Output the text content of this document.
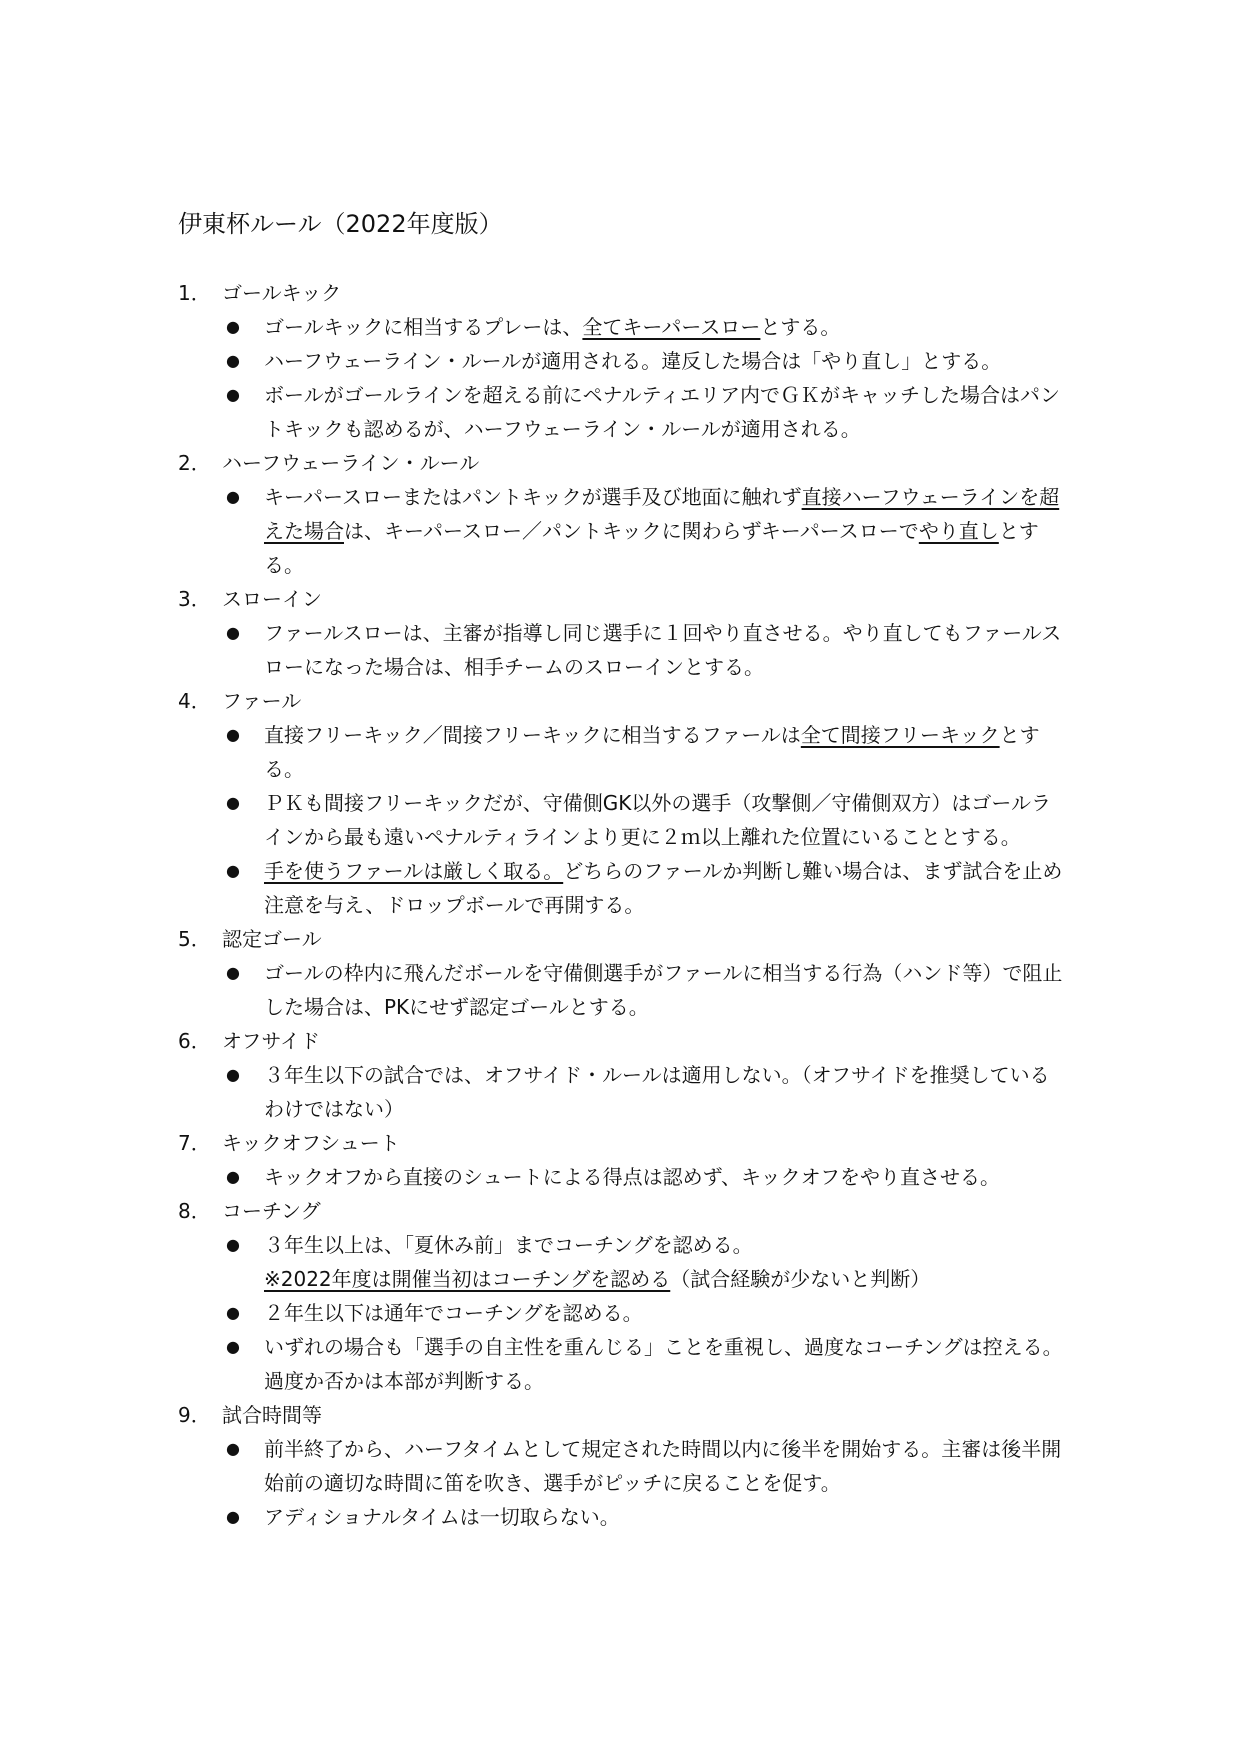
伊東杯ルール（2022年度版）
1． ゴールキック
● ゴールキックに相当するプレーは、全てキーパースローとする。
● ハーフウェーライン・ルールが適用される。違反した場合は「やり直し」とする。
● ボールがゴールラインを超える前にペナルティエリア内でＧＫがキャッチした場合はパントキックも認めるが、ハーフウェーライン・ルールが適用される。
2． ハーフウェーライン・ルール
● キーパースローまたはパントキックが選手及び地面に触れず直接ハーフウェーラインを超えた場合は、キーパースロー／パントキックに関わらずキーパースローでやり直しとする。
3． スローイン
● ファールスローは、主審が指導し同じ選手に１回やり直させる。やり直してもファールスローになった場合は、相手チームのスローインとする。
4． ファール
● 直接フリーキック／間接フリーキックに相当するファールは全て間接フリーキックとする。
● ＰＫも間接フリーキックだが、守備側GK以外の選手（攻撃側／守備側双方）はゴールラインから最も遠いペナルティラインより更に２ｍ以上離れた位置にいることとする。
● 手を使うファールは厳しく取る。どちらのファールか判断し難い場合は、まず試合を止め注意を与え、ドロップボールで再開する。
5． 認定ゴール
● ゴールの枠内に飛んだボールを守備側選手がファールに相当する行為（ハンド等）で阻止した場合は、PKにせず認定ゴールとする。
6． オフサイド
● ３年生以下の試合では、オフサイド・ルールは適用しない。（オフサイドを推奨しているわけではない）
7． キックオフシュート
● キックオフから直接のシュートによる得点は認めず、キックオフをやり直させる。
8． コーチング
● ３年生以上は、「夏休み前」までコーチングを認める。
※2022年度は開催当初はコーチングを認める（試合経験が少ないと判断）
● ２年生以下は通年でコーチングを認める。
● いずれの場合も「選手の自主性を重んじる」ことを重視し、過度なコーチングは控える。過度か否かは本部が判断する。
9． 試合時間等
● 前半終了から、ハーフタイムとして規定された時間以内に後半を開始する。主審は後半開始前の適切な時間に笛を吹き、選手がピッチに戻ることを促す。
● アディショナルタイムは一切取らない。
